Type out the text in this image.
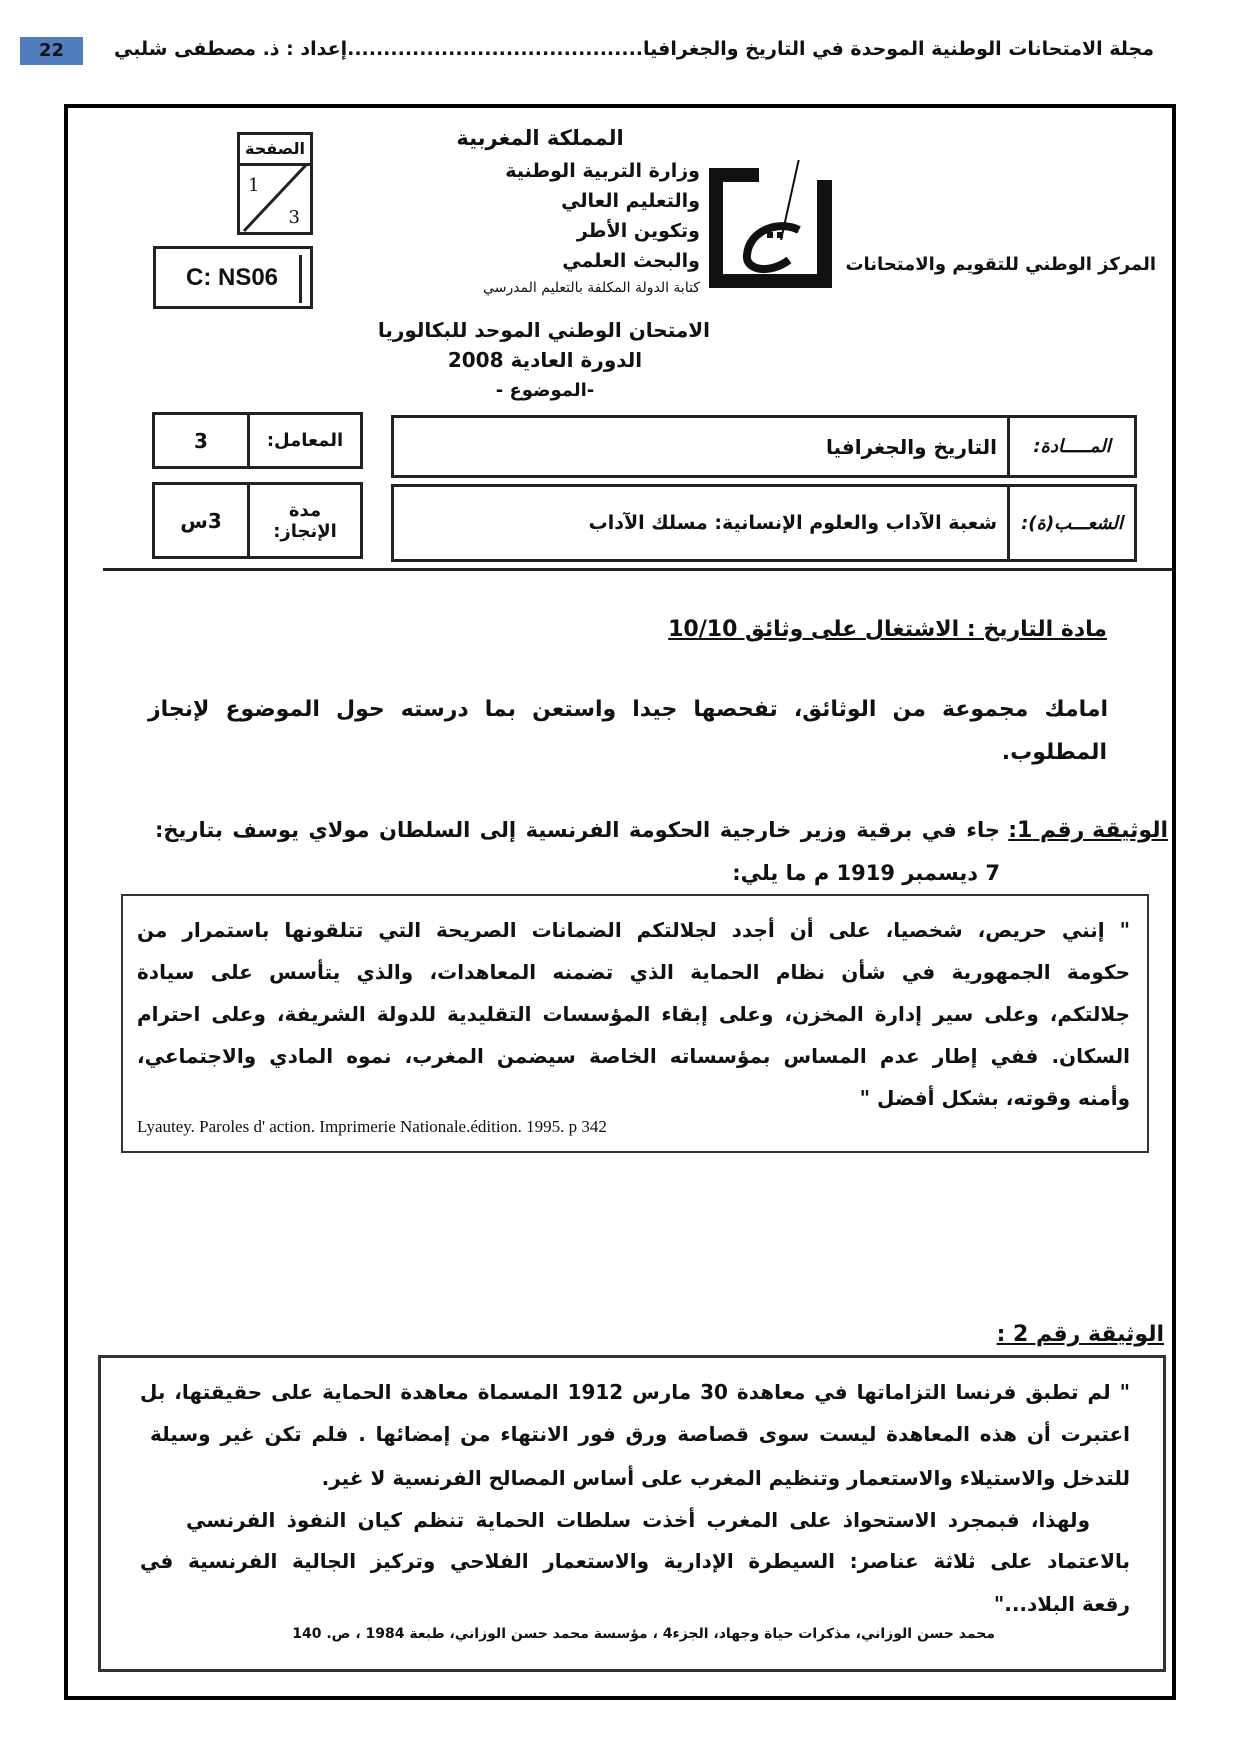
22	مجلة الامتحانات الوطنية الموحدة في التاريخ والجغرافيا.........................................إعداد : ذ. مصطفى شلبي
الصفحة
1
3
C: NS06
المملكة المغربية
وزارة التربية الوطنية
والتعليم العالي
وتكوين الأطر
والبحث العلمي
كتابة الدولة المكلفة بالتعليم المدرسي
المركز الوطني للتقويم والامتحانات
الامتحان الوطني الموحد للبكالوريا
الدورة العادية 2008
-الموضوع -
3	المعامل:
3س	مدة
الإنجاز:
التاريخ والجغرافيا	المـــــادة:
شعبة الآداب والعلوم الإنسانية: مسلك الآداب	الشعـــب(ة):
مادة التاريخ : الاشتغال على وثائق 10/10
امامك مجموعة من الوثائق، تفحصها جيدا واستعن بما درسته حول الموضوع لإنجاز
المطلوب.
الوثيقة رقم 1:
جاء في برقية وزير خارجية الحكومة الفرنسية إلى السلطان مولاي يوسف بتاريخ:
7 ديسمبر 1919 م ما يلي:
" إنني حريص، شخصيا، على أن أجدد لجلالتكم الضمانات الصريحة التي تتلقونها باستمرار من
حكومة الجمهورية في شأن نظام الحماية الذي تضمنه المعاهدات، والذي يتأسس على سيادة
جلالتكم، وعلى سير إدارة المخزن، وعلى إبقاء المؤسسات التقليدية للدولة الشريفة، وعلى احترام
السكان. ففي إطار عدم المساس بمؤسساته الخاصة سيضمن المغرب، نموه المادي والاجتماعي،
وأمنه وقوته، بشكل أفضل "
Lyautey. Paroles d' action. Imprimerie Nationale.édition. 1995. p 342
الوثيقة رقم 2 :
" لم تطبق فرنسا التزاماتها في معاهدة 30 مارس 1912 المسماة معاهدة الحماية على حقيقتها، بل
اعتبرت أن هذه المعاهدة ليست سوى قصاصة ورق فور الانتهاء من إمضائها . فلم تكن غير وسيلة
للتدخل والاستيلاء والاستعمار وتنظيم المغرب على أساس المصالح الفرنسية لا غير.
ولهذا، فبمجرد الاستحواذ على المغرب أخذت سلطات الحماية تنظم كيان النفوذ الفرنسي
بالاعتماد على ثلاثة عناصر: السيطرة الإدارية والاستعمار الفلاحي وتركيز الجالية الفرنسية في
رقعة البلاد..."
محمد حسن الوزاني، مذكرات حياة وجهاد، الجزء4 ، مؤسسة محمد حسن الوزاني، طبعة 1984 ، ص. 140
